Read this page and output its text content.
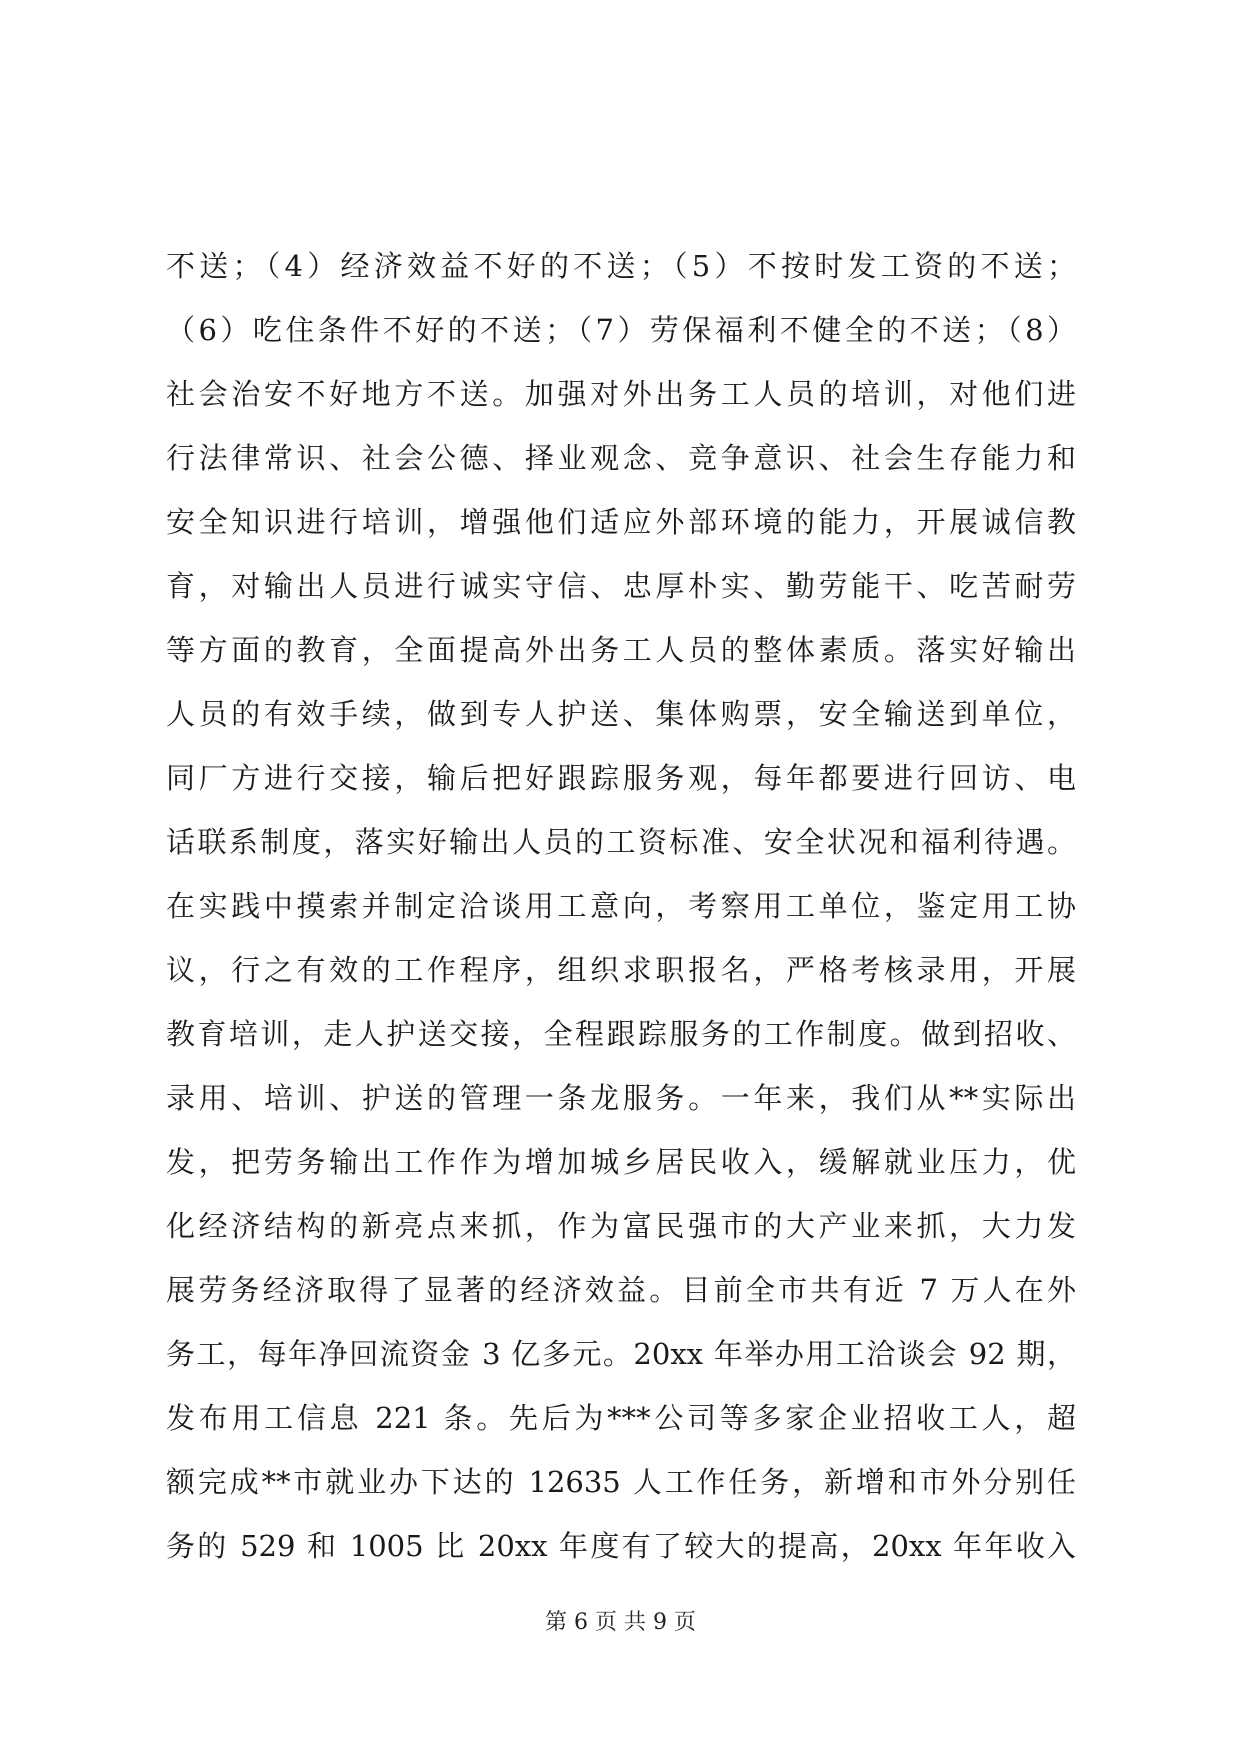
不送；（4）经济效益不好的不送；（5）不按时发工资的不送；
（6）吃住条件不好的不送；（7）劳保福利不健全的不送；（8）
社会治安不好地方不送。加强对外出务工人员的培训，对他们进
行法律常识、社会公德、择业观念、竞争意识、社会生存能力和
安全知识进行培训，增强他们适应外部环境的能力，开展诚信教
育，对输出人员进行诚实守信、忠厚朴实、勤劳能干、吃苦耐劳
等方面的教育，全面提高外出务工人员的整体素质。落实好输出
人员的有效手续，做到专人护送、集体购票，安全输送到单位，
同厂方进行交接，输后把好跟踪服务观，每年都要进行回访、电
话联系制度，落实好输出人员的工资标准、安全状况和福利待遇。
在实践中摸索并制定洽谈用工意向，考察用工单位，鉴定用工协
议，行之有效的工作程序，组织求职报名，严格考核录用，开展
教育培训，走人护送交接，全程跟踪服务的工作制度。做到招收、
录用、培训、护送的管理一条龙服务。一年来，我们从**实际出
发，把劳务输出工作作为增加城乡居民收入，缓解就业压力，优
化经济结构的新亮点来抓，作为富民强市的大产业来抓，大力发
展劳务经济取得了显著的经济效益。目前全市共有近 7 万人在外
务工，每年净回流资金 3 亿多元。20xx 年举办用工洽谈会 92 期，
发布用工信息 221 条。先后为***公司等多家企业招收工人，超
额完成**市就业办下达的 12635 人工作任务，新增和市外分别任
务的 529 和 1005 比 20xx 年度有了较大的提高，20xx 年年收入
第 6 页 共 9 页
